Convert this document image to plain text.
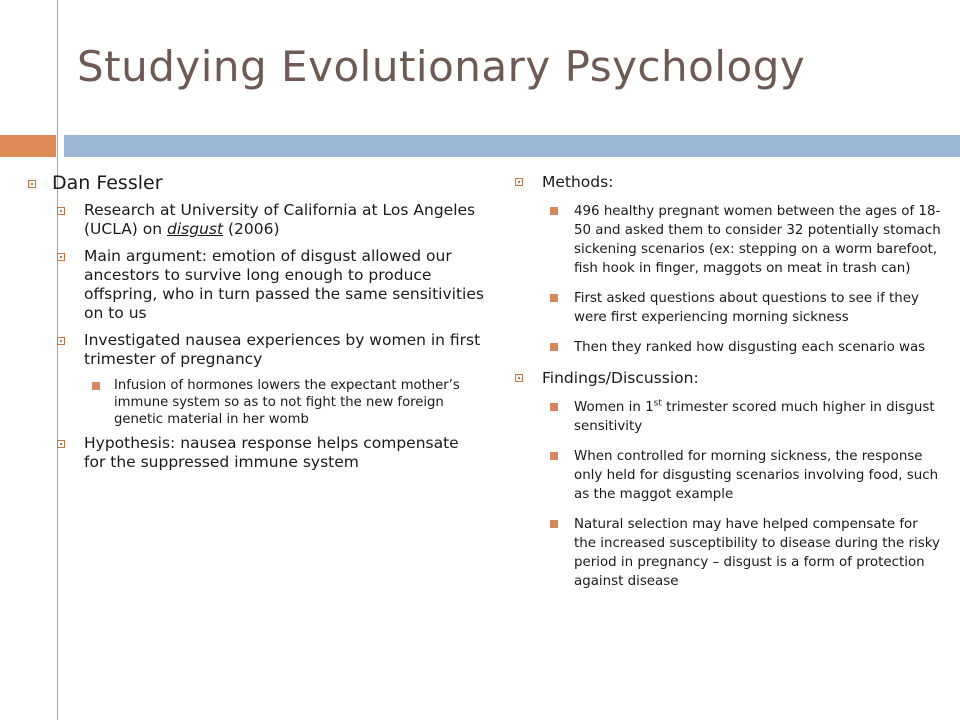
Studying Evolutionary Psychology
Dan Fessler
Research at University of California at Los Angeles (UCLA) on disgust (2006)
Main argument: emotion of disgust allowed our ancestors to survive long enough to produce offspring, who in turn passed the same sensitivities on to us
Investigated nausea experiences by women in first trimester of pregnancy
Infusion of hormones lowers the expectant mother’s immune system so as to not fight the new foreign genetic material in her womb
Hypothesis: nausea response helps compensate for the suppressed immune system
Methods:
496 healthy pregnant women between the ages of 18-50 and asked them to consider 32 potentially stomach sickening scenarios (ex: stepping on a worm barefoot, fish hook in finger, maggots on meat in trash can)
First asked questions about questions to see if they were first experiencing morning sickness
Then they ranked how disgusting each scenario was
Findings/Discussion:
Women in 1st trimester scored much higher in disgust sensitivity
When controlled for morning sickness, the response only held for disgusting scenarios involving food, such as the maggot example
Natural selection may have helped compensate for the increased susceptibility to disease during the risky period in pregnancy – disgust is a form of protection against disease
